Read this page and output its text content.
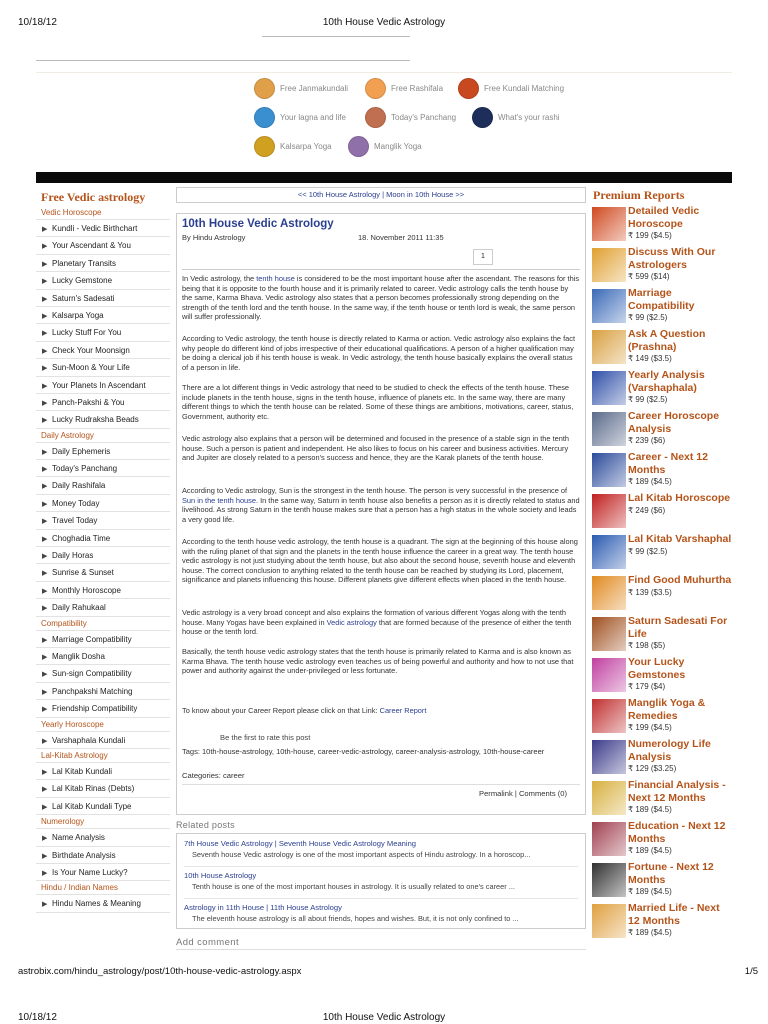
10/18/12	10th House Vedic Astrology
Free Janmakundali	Free Rashifala	Free Kundali Matching
Your lagna and life	Today's Panchang	What's your rashi
Kalsarpa Yoga	Manglik Yoga
Free Vedic astrology
Vedic Horoscope
▶ Kundli - Vedic Birthchart
▶ Your Ascendant & You
▶ Planetary Transits
▶ Lucky Gemstone
▶ Saturn's Sadesati
▶ Kalsarpa Yoga
▶ Lucky Stuff For You
▶ Check Your Moonsign
▶ Sun-Moon & Your Life
▶ Your Planets In Ascendant
▶ Panch-Pakshi & You
▶ Lucky Rudraksha Beads
Daily Astrology
▶ Daily Ephemeris
▶ Today's Panchang
▶ Daily Rashifala
▶ Money Today
▶ Travel Today
▶ Choghadia Time
▶ Daily Horas
▶ Sunrise & Sunset
▶ Monthly Horoscope
▶ Daily Rahukaal
Compatibility
▶ Marriage Compatibility
▶ Manglik Dosha
▶ Sun-sign Compatibility
▶ Panchpakshi Matching
▶ Friendship Compatibility
Yearly Horoscope
▶ Varshaphala Kundali
Lal-Kitab Astrology
▶ Lal Kitab Kundali
▶ Lal Kitab Rinas (Debts)
▶ Lal Kitab Kundali Type
Numerology
▶ Name Analysis
▶ Birthdate Analysis
▶ Is Your Name Lucky?
Hindu / Indian Names
▶ Hindu Names & Meaning
<< 10th House Astrology | Moon in 10th House >>
10th House Vedic Astrology
By Hindu Astrology	18. November 2011 11:35
1
In Vedic astrology, the tenth house is considered to be the most important house after the ascendant. The reasons for this being that it is opposite to the fourth house and it is primarily related to career. Vedic astrology calls the tenth house by the same, Karma Bhava. Vedic astrology also states that a person becomes professionally strong depending on the strength of the tenth lord and the tenth house. In the same way, if the tenth house or tenth lord is weak, the same person will suffer professionally.
According to Vedic astrology, the tenth house is directly related to Karma or action. Vedic astrology also explains the fact why people do different kind of jobs irrespective of their educational qualifications. A person of a higher qualification may be doing a clerical job if his tenth house is weak. In Vedic astrology, the tenth house basically explains the overall status of a person in life.
There are a lot different things in Vedic astrology that need to be studied to check the effects of the tenth house. These include planets in the tenth house, signs in the tenth house, influence of planets etc. In the same way, there are many different things to which the tenth house can be related. Some of these things are ambitions, motivations, career, status, Government, authority etc.
Vedic astrology also explains that a person will be determined and focused in the presence of a stable sign in the tenth house. Such a person is patient and independent. He also likes to focus on his career and business activities. Mercury and Jupiter are closely related to a person's success and hence, they are the Karak planets of the tenth house.
According to Vedic astrology, Sun is the strongest in the tenth house. The person is very successful in the presence of Sun in the tenth house. In the same way, Saturn in tenth house also benefits a person as it is directly related to status and livelihood. As strong Saturn in the tenth house makes sure that a person has a high status in the whole society and leads a very good life.
According to the tenth house vedic astrology, the tenth house is a quadrant. The sign at the beginning of this house along with the ruling planet of that sign and the planets in the tenth house influence the career in a great way. The tenth house vedic astrology is not just studying about the tenth house, but also about the second house, seventh house and eleventh house. The correct conclusion to anything related to the tenth house can be reached by studying its Lord, placement, significance and planets influencing this house. Different planets give different effects when placed in the tenth house.
Vedic astrology is a very broad concept and also explains the formation of various different Yogas along with the tenth house. Many Yogas have been explained in Vedic astrology that are formed because of the presence of either the tenth house or the tenth lord.
Basically, the tenth house vedic astrology states that the tenth house is primarily related to Karma and is also known as Karma Bhava. The tenth house vedic astrology even teaches us of being powerful and authority and how to not use that power and authority against the under-privileged or less fortunate.
To know about your Career Report please click on that Link: Career Report
Be the first to rate this post
Tags: 10th-house-astrology, 10th-house, career-vedic-astrology, career-analysis-astrology, 10th-house-career
Categories: career
Permalink | Comments (0)
Related posts
7th House Vedic Astrology | Seventh House Vedic Astrology Meaning
Seventh house Vedic astrology is one of the most important aspects of Hindu astrology. In a horoscop...
10th House Astrology
Tenth house is one of the most important houses in astrology. It is usually related to one's career ...
Astrology in 11th House | 11th House Astrology
The eleventh house astrology is all about friends, hopes and wishes. But, it is not only confined to ...
Add comment
Premium Reports
Detailed Vedic Horoscope
₹ 199 ($4.5)
Discuss With Our Astrologers
₹ 599 ($14)
Marriage Compatibility
₹ 99 ($2.5)
Ask A Question (Prashna)
₹ 149 ($3.5)
Yearly Analysis (Varshaphala)
₹ 99 ($2.5)
Career Horoscope Analysis
₹ 239 ($6)
Career - Next 12 Months
₹ 189 ($4.5)
Lal Kitab Horoscope
₹ 249 ($6)
Lal Kitab Varshaphal
₹ 99 ($2.5)
Find Good Muhurtha
₹ 139 ($3.5)
Saturn Sadesati For Life
₹ 198 ($5)
Your Lucky Gemstones
₹ 179 ($4)
Manglik Yoga & Remedies
₹ 199 ($4.5)
Numerology Life Analysis
₹ 129 ($3.25)
Financial Analysis - Next 12 Months
₹ 189 ($4.5)
Education - Next 12 Months
₹ 189 ($4.5)
Fortune - Next 12 Months
₹ 189 ($4.5)
Married Life - Next 12 Months
₹ 189 ($4.5)
astrobix.com/hindu_astrology/post/10th-house-vedic-astrology.aspx	1/5
10/18/12	10th House Vedic Astrology
